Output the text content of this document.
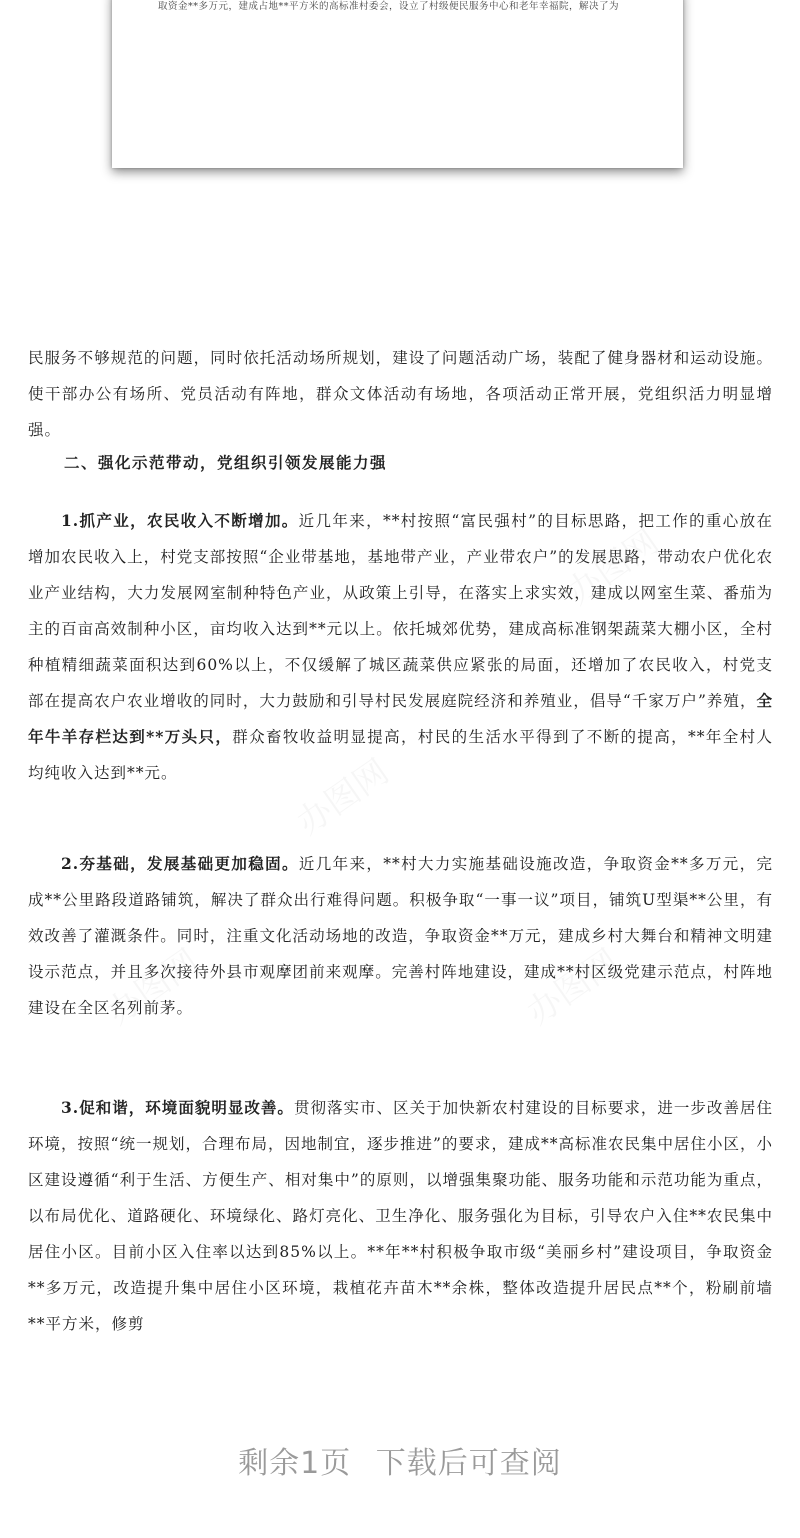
取资金**多万元，建成占地**平方米的高标准村委会，设立了村级便民服务中心和老年幸福院，解决了为

民服务不够规范的问题，同时依托活动场所规划，建设了问题活动广场，装配了健身器材和运动设施。使干部办公有场所、党员活动有阵地，群众文体活动有场地，各项活动正常开展，党组织活力明显增强。

二、强化示范带动，党组织引领发展能力强

1.抓产业，农民收入不断增加。近几年来，**村按照“富民强村”的目标思路，把工作的重心放在增加农民收入上，村党支部按照“企业带基地，基地带产业，产业带农户”的发展思路，带动农户优化农业产业结构，大力发展网室制种特色产业，从政策上引导，在落实上求实效，建成以网室生菜、番茄为主的百亩高效制种小区，亩均收入达到**元以上。依托城郊优势，建成高标准钢架蔬菜大棚小区，全村种植精细蔬菜面积达到60%以上，不仅缓解了城区蔬菜供应紧张的局面，还增加了农民收入，村党支部在提高农户农业增收的同时，大力鼓励和引导村民发展庭院经济和养殖业，倡导“千家万户”养殖，全年牛羊存栏达到**万头只，群众畜牧收益明显提高，村民的生活水平得到了不断的提高，**年全村人均纯收入达到**元。

2.夯基础，发展基础更加稳固。近几年来，**村大力实施基础设施改造，争取资金**多万元，完成**公里路段道路铺筑，解决了群众出行难得问题。积极争取“一事一议”项目，铺筑U型渠**公里，有效改善了灌溉条件。同时，注重文化活动场地的改造，争取资金**万元，建成乡村大舞台和精神文明建设示范点，并且多次接待外县市观摩团前来观摩。完善村阵地建设，建成**村区级党建示范点，村阵地建设在全区名列前茅。

3.促和谐，环境面貌明显改善。贯彻落实市、区关于加快新农村建设的目标要求，进一步改善居住环境，按照“统一规划，合理布局，因地制宜，逐步推进”的要求，建成**高标准农民集中居住小区，小区建设遵循“利于生活、方便生产、相对集中”的原则，以增强集聚功能、服务功能和示范功能为重点，以布局优化、道路硬化、环境绿化、路灯亮化、卫生净化、服务强化为目标，引导农户入住**农民集中居住小区。目前小区入住率以达到85%以上。**年**村积极争取市级“美丽乡村”建设项目，争取资金**多万元，改造提升集中居住小区环境，栽植花卉苗木**余株，整体改造提升居民点**个，粉刷前墙**平方米，修剪

剩余1页 下载后可查阅
